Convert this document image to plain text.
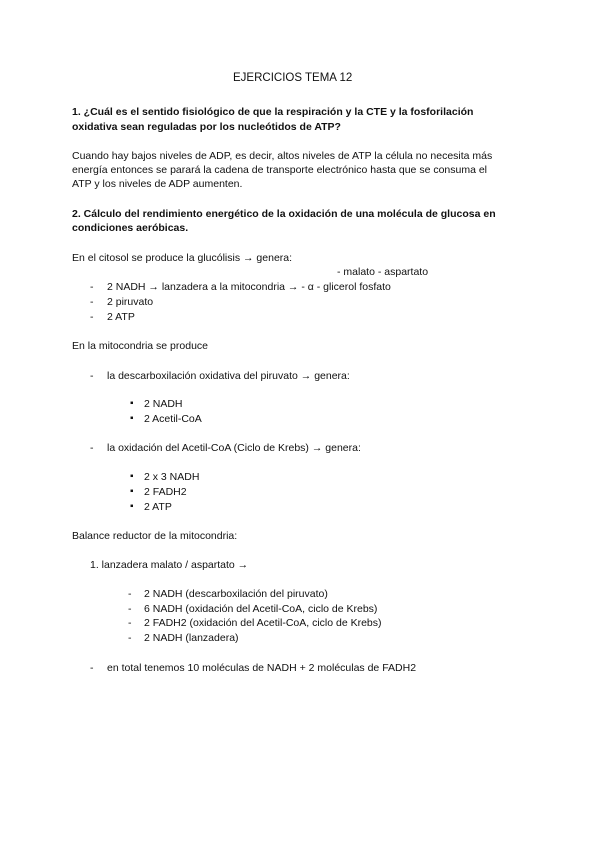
EJERCICIOS TEMA 12
1. ¿Cuál es el sentido fisiológico de que la respiración y la CTE y la fosforilación
oxidativa sean reguladas por los nucleótidos de ATP?
Cuando hay bajos niveles de ADP, es decir, altos niveles de ATP la célula no necesita más
energía entonces se parará la cadena de transporte electrónico hasta que se consuma el
ATP y los niveles de ADP aumenten.
2. Cálculo del rendimiento energético de la oxidación de una molécula de glucosa en
condiciones aeróbicas.
En el citosol se produce la glucólisis → genera:
- malato - aspartato
- 2 NADH → lanzadera a la mitocondria → - α - glicerol fosfato
- 2 piruvato
- 2 ATP
En la mitocondria se produce
- la descarboxilación oxidativa del piruvato → genera:
▪ 2 NADH
▪ 2 Acetil-CoA
- la oxidación del Acetil-CoA (Ciclo de Krebs) → genera:
▪ 2 x 3 NADH
▪ 2 FADH2
▪ 2 ATP
Balance reductor de la mitocondria:
1. lanzadera malato / aspartato →
- 2 NADH (descarboxilación del piruvato)
- 6 NADH (oxidación del Acetil-CoA, ciclo de Krebs)
- 2 FADH2 (oxidación del Acetil-CoA, ciclo de Krebs)
- 2 NADH (lanzadera)
- en total tenemos 10 moléculas de NADH + 2 moléculas de FADH2
